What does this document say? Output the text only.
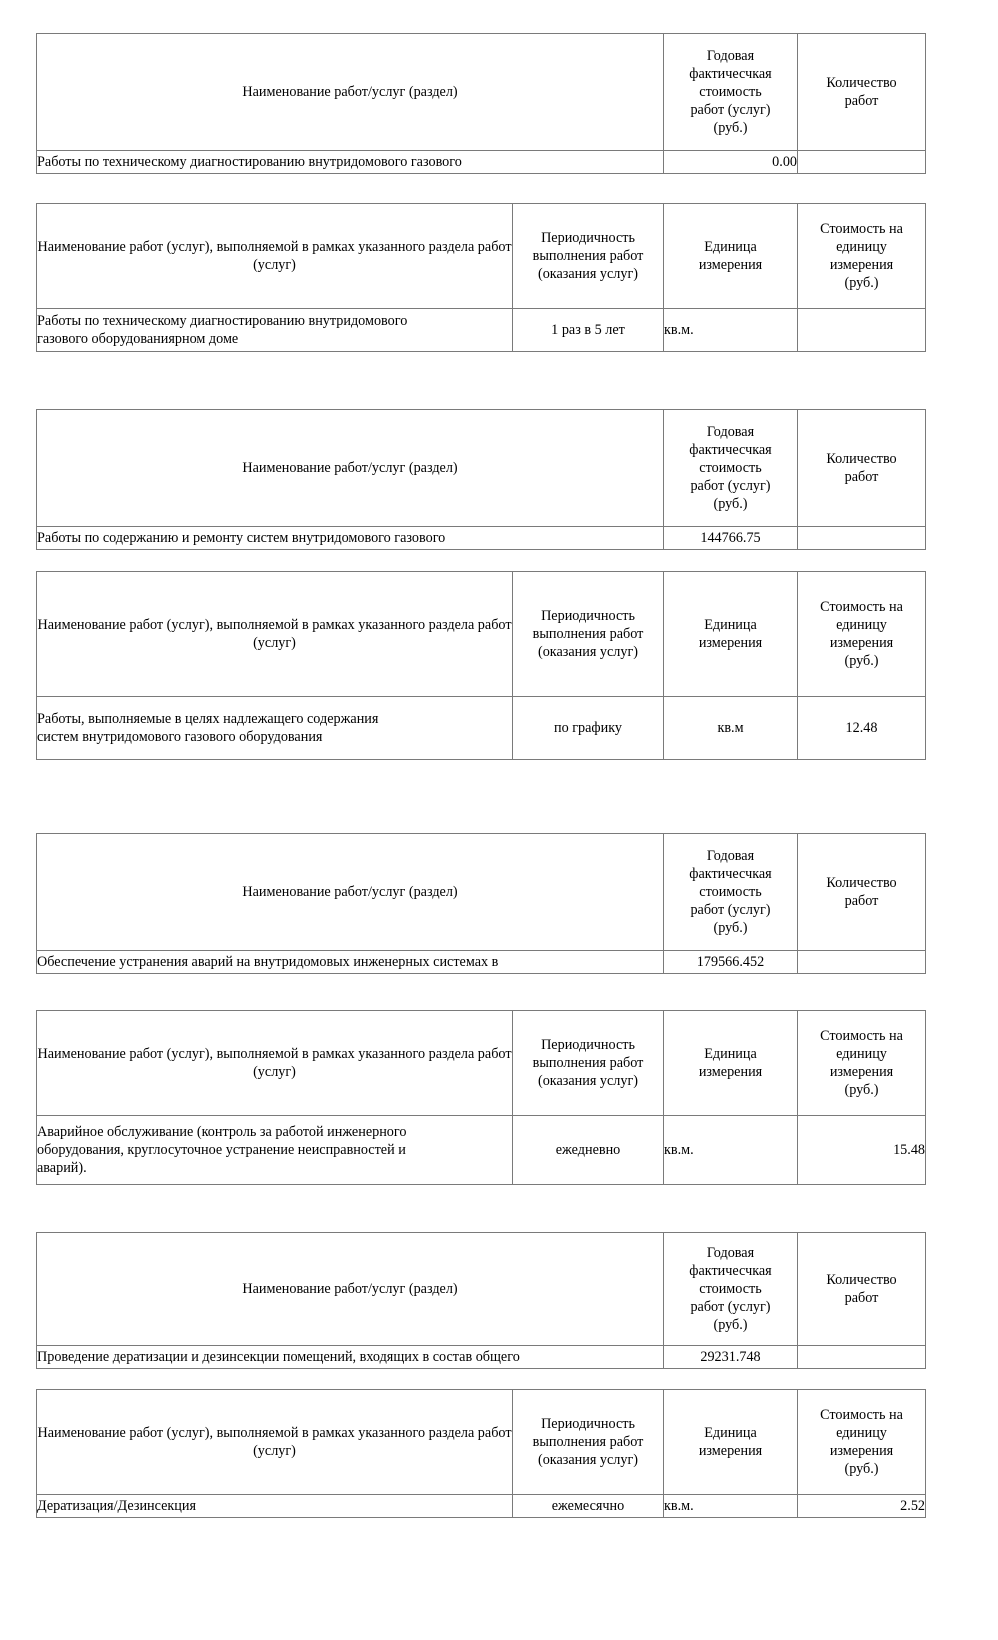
Наименование работ/услуг (раздел)	Годовая
фактичесчкая
стоимость
работ (услуг)
(руб.)	Количество
работ

Работы по техническому диагностированию внутридомового газового	0.00	
Наименование работ (услуг), выполняемой в рамках указанного раздела работ (услуг)	Периодичность
выполнения работ
(оказания услуг)	Единица
измерения	Стоимость на
единицу
измерения
(руб.)

Работы по техническому диагностированию внутридомового
газового оборудованиярном доме	1 раз в 5 лет	кв.м.	
Наименование работ/услуг (раздел)	Годовая
фактичесчкая
стоимость
работ (услуг)
(руб.)	Количество
работ

Работы по содержанию и ремонту систем внутридомового газового	144766.75	
Наименование работ (услуг), выполняемой в рамках указанного раздела работ (услуг)	Периодичность
выполнения работ
(оказания услуг)	Единица
измерения	Стоимость на
единицу
измерения
(руб.)

Работы, выполняемые в целях надлежащего содержания
систем внутридомового газового оборудования	по графику	кв.м	12.48
Наименование работ/услуг (раздел)	Годовая
фактичесчкая
стоимость
работ (услуг)
(руб.)	Количество
работ

Обеспечение устранения аварий на внутридомовых инженерных системах в	179566.452	
Наименование работ (услуг), выполняемой в рамках указанного раздела работ (услуг)	Периодичность
выполнения работ
(оказания услуг)	Единица
измерения	Стоимость на
единицу
измерения
(руб.)

Аварийное обслуживание (контроль за работой инженерного
оборудования, круглосуточное устранение неисправностей и
аварий).	ежедневно	кв.м.	15.48
Наименование работ/услуг (раздел)	Годовая
фактичесчкая
стоимость
работ (услуг)
(руб.)	Количество
работ

Проведение дератизации и дезинсекции помещений, входящих в состав общего	29231.748	
Наименование работ (услуг), выполняемой в рамках указанного раздела работ (услуг)	Периодичность
выполнения работ
(оказания услуг)	Единица
измерения	Стоимость на
единицу
измерения
(руб.)

Дератизация/Дезинсекция	ежемесячно	кв.м.	2.52
